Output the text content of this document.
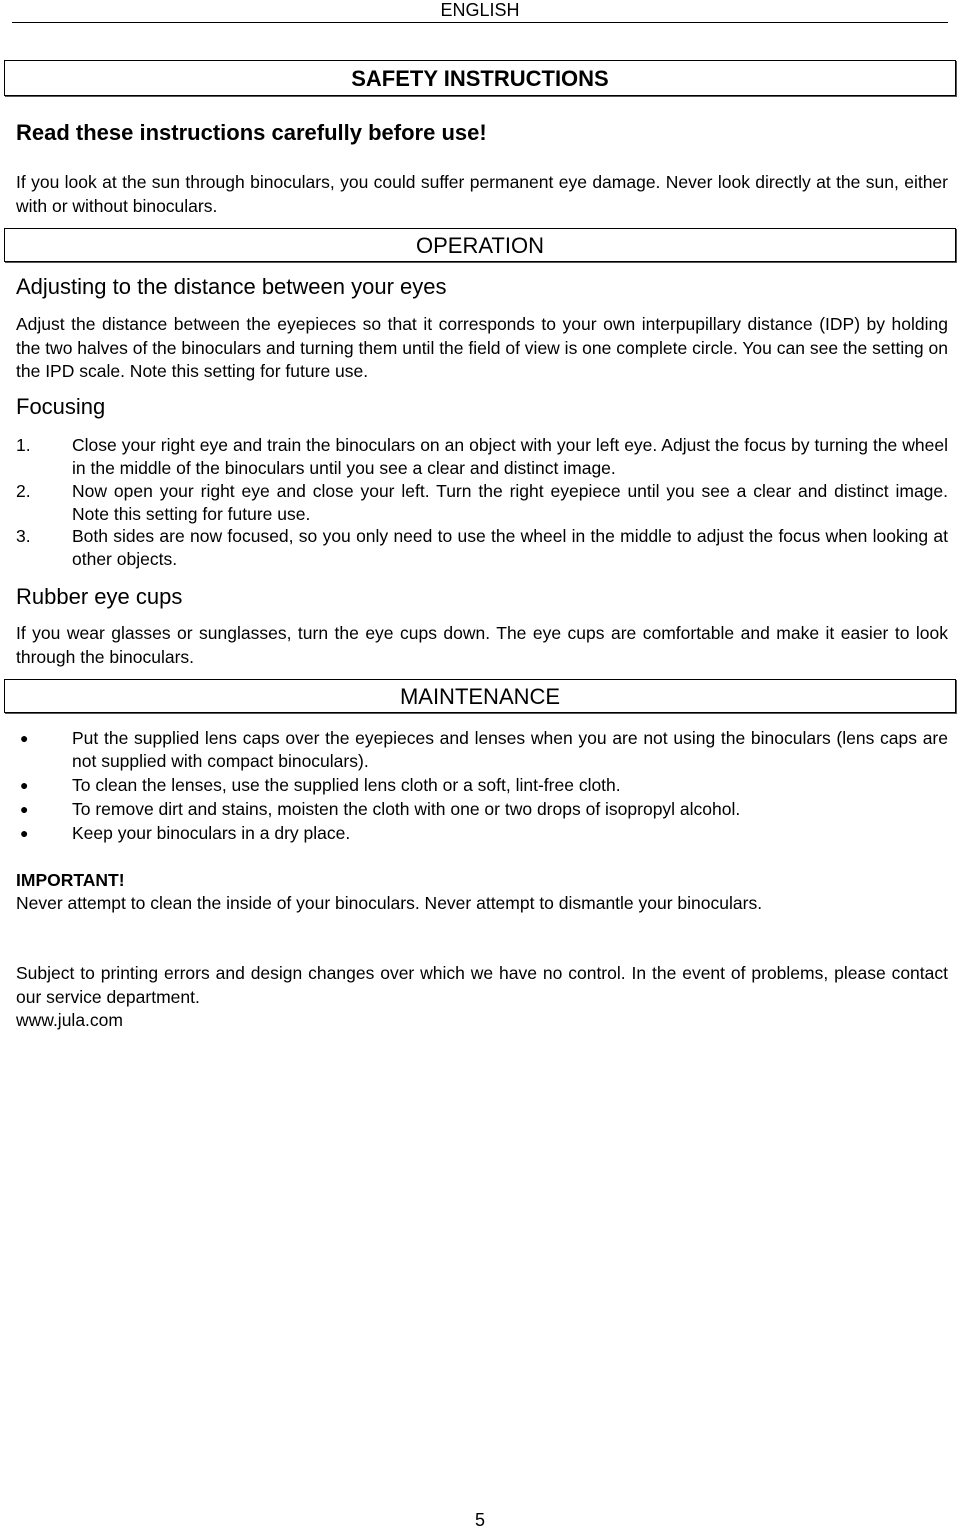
ENGLISH
SAFETY INSTRUCTIONS
Read these instructions carefully before use!
If you look at the sun through binoculars, you could suffer permanent eye damage. Never look directly at the sun, either with or without binoculars.
OPERATION
Adjusting to the distance between your eyes
Adjust the distance between the eyepieces so that it corresponds to your own interpupillary distance (IDP) by holding the two halves of the binoculars and turning them until the field of view is one complete circle. You can see the setting on the IPD scale. Note this setting for future use.
Focusing
1. Close your right eye and train the binoculars on an object with your left eye. Adjust the focus by turning the wheel in the middle of the binoculars until you see a clear and distinct image.
2. Now open your right eye and close your left. Turn the right eyepiece until you see a clear and distinct image. Note this setting for future use.
3. Both sides are now focused, so you only need to use the wheel in the middle to adjust the focus when looking at other objects.
Rubber eye cups
If you wear glasses or sunglasses, turn the eye cups down. The eye cups are comfortable and make it easier to look through the binoculars.
MAINTENANCE
● Put the supplied lens caps over the eyepieces and lenses when you are not using the binoculars (lens caps are not supplied with compact binoculars).
● To clean the lenses, use the supplied lens cloth or a soft, lint-free cloth.
● To remove dirt and stains, moisten the cloth with one or two drops of isopropyl alcohol.
● Keep your binoculars in a dry place.
IMPORTANT!
Never attempt to clean the inside of your binoculars. Never attempt to dismantle your binoculars.
Subject to printing errors and design changes over which we have no control. In the event of problems, please contact our service department.
www.jula.com
5
